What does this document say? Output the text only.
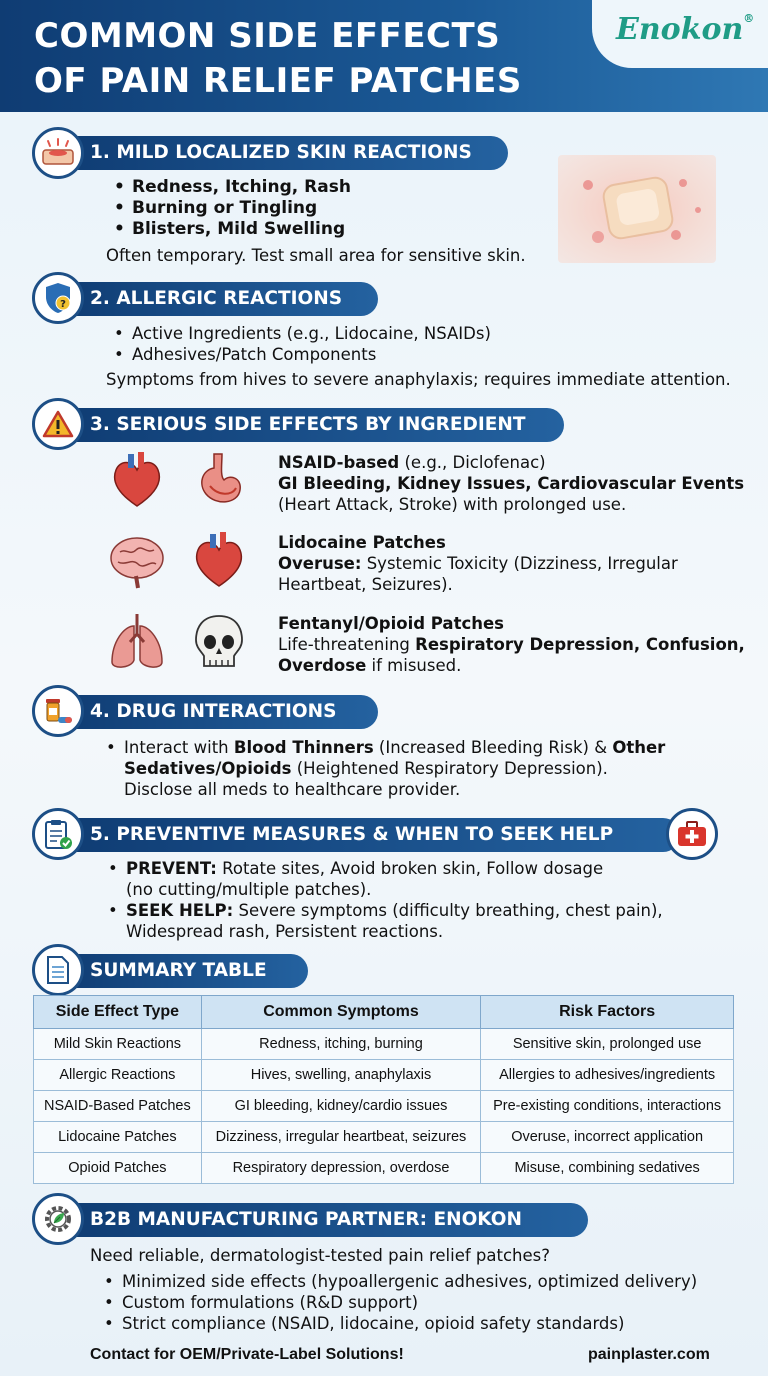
COMMON SIDE EFFECTS
OF PAIN RELIEF PATCHES
Enokon®
1. MILD LOCALIZED SKIN REACTIONS
• Redness, Itching, Rash
• Burning or Tingling
• Blisters, Mild Swelling
Often temporary. Test small area for sensitive skin.
2. ALLERGIC REACTIONS
?
• Active Ingredients (e.g., Lidocaine, NSAIDs)
• Adhesives/Patch Components
Symptoms from hives to severe anaphylaxis; requires immediate attention.
3. SERIOUS SIDE EFFECTS BY INGREDIENT
NSAID-based (e.g., Diclofenac)
GI Bleeding, Kidney Issues, Cardiovascular Events
(Heart Attack, Stroke) with prolonged use.
Lidocaine Patches
Overuse: Systemic Toxicity (Dizziness, Irregular
Heartbeat, Seizures).
Fentanyl/Opioid Patches
Life-threatening Respiratory Depression, Confusion,
Overdose if misused.
4. DRUG INTERACTIONS
• Interact with Blood Thinners (Increased Bleeding Risk) & Other
Sedatives/Opioids (Heightened Respiratory Depression).
Disclose all meds to healthcare provider.
5. PREVENTIVE MEASURES & WHEN TO SEEK HELP
• PREVENT: Rotate sites, Avoid broken skin, Follow dosage
(no cutting/multiple patches).
• SEEK HELP: Severe symptoms (difficulty breathing, chest pain),
Widespread rash, Persistent reactions.
SUMMARY TABLE
Side Effect Type	Common Symptoms	Risk Factors
Mild Skin Reactions	Redness, itching, burning	Sensitive skin, prolonged use
Allergic Reactions	Hives, swelling, anaphylaxis	Allergies to adhesives/ingredients
NSAID-Based Patches	GI bleeding, kidney/cardio issues	Pre-existing conditions, interactions
Lidocaine Patches	Dizziness, irregular heartbeat, seizures	Overuse, incorrect application
Opioid Patches	Respiratory depression, overdose	Misuse, combining sedatives
B2B MANUFACTURING PARTNER: ENOKON
Need reliable, dermatologist-tested pain relief patches?
• Minimized side effects (hypoallergenic adhesives, optimized delivery)
• Custom formulations (R&D support)
• Strict compliance (NSAID, lidocaine, opioid safety standards)
Contact for OEM/Private-Label Solutions!	painplaster.com
